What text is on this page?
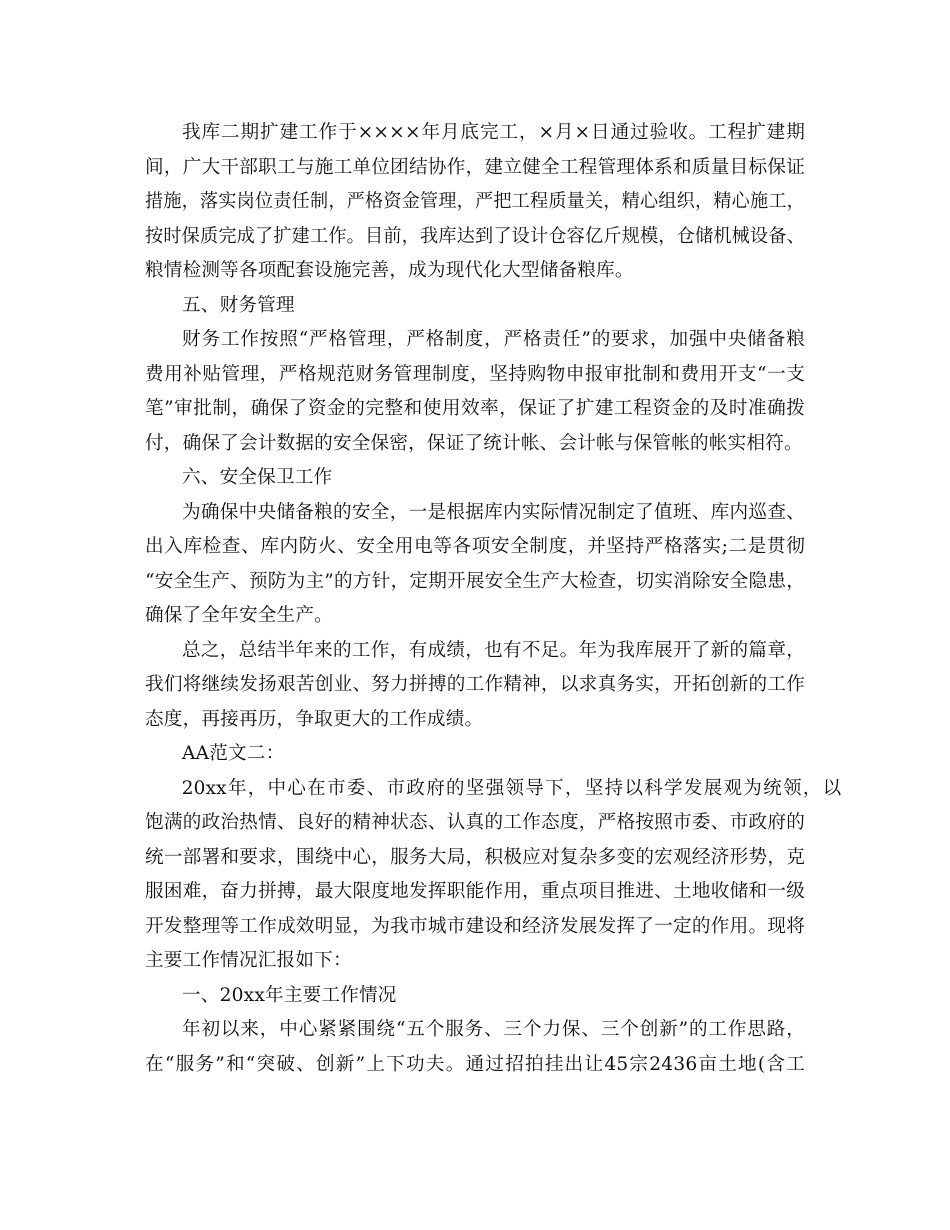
我库二期扩建工作于××××年月底完工，×月×日通过验收。工程扩建期
间，广大干部职工与施工单位团结协作，建立健全工程管理体系和质量目标保证
措施，落实岗位责任制，严格资金管理，严把工程质量关，精心组织，精心施工，
按时保质完成了扩建工作。目前，我库达到了设计仓容亿斤规模，仓储机械设备、
粮情检测等各项配套设施完善，成为现代化大型储备粮库。
五、财务管理
财务工作按照“严格管理，严格制度，严格责任”的要求，加强中央储备粮
费用补贴管理，严格规范财务管理制度，坚持购物申报审批制和费用开支“一支
笔”审批制，确保了资金的完整和使用效率，保证了扩建工程资金的及时准确拨
付，确保了会计数据的安全保密，保证了统计帐、会计帐与保管帐的帐实相符。
六、安全保卫工作
为确保中央储备粮的安全，一是根据库内实际情况制定了值班、库内巡查、
出入库检查、库内防火、安全用电等各项安全制度，并坚持严格落实;二是贯彻
“安全生产、预防为主”的方针，定期开展安全生产大检查，切实消除安全隐患，
确保了全年安全生产。
总之，总结半年来的工作，有成绩，也有不足。年为我库展开了新的篇章，
我们将继续发扬艰苦创业、努力拼搏的工作精神，以求真务实，开拓创新的工作
态度，再接再历，争取更大的工作成绩。
AA范文二：
20xx年，中心在市委、市政府的坚强领导下，坚持以科学发展观为统领，以
饱满的政治热情、良好的精神状态、认真的工作态度，严格按照市委、市政府的
统一部署和要求，围绕中心，服务大局，积极应对复杂多变的宏观经济形势，克
服困难，奋力拼搏，最大限度地发挥职能作用，重点项目推进、土地收储和一级
开发整理等工作成效明显，为我市城市建设和经济发展发挥了一定的作用。现将
主要工作情况汇报如下：
一、20xx年主要工作情况
年初以来，中心紧紧围绕“五个服务、三个力保、三个创新”的工作思路，
在“服务”和“突破、创新”上下功夫。通过招拍挂出让45宗2436亩土地(含工
